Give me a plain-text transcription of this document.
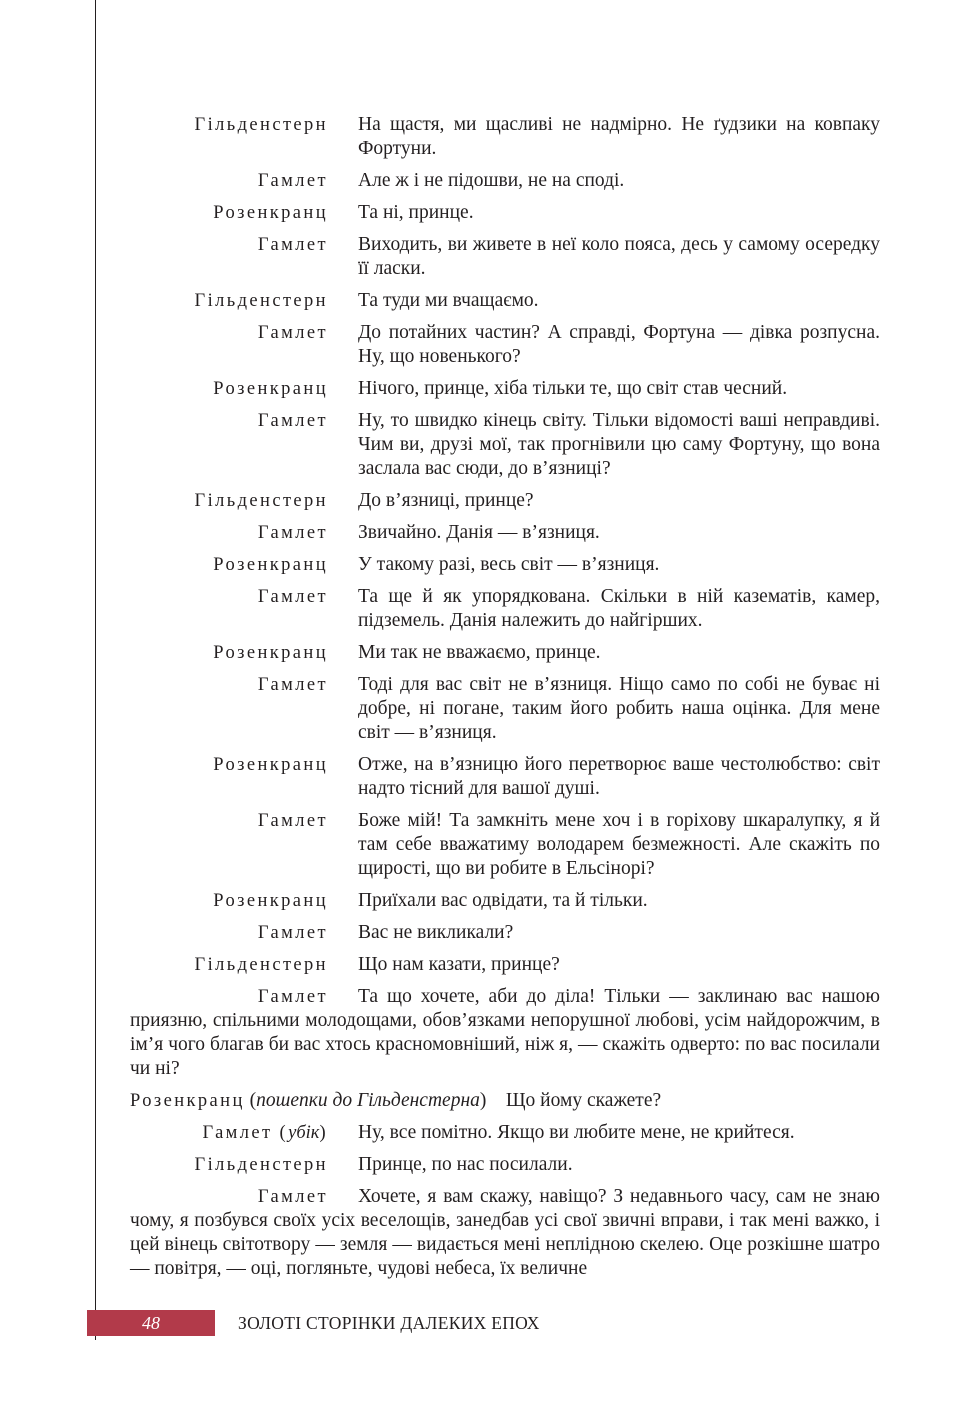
Гільденстерн На щастя, ми щасливі не надмірно. Не ґудзики на ковпаку Фортуни.
Гамлет Але ж і не підошви, не на споді.
Розенкранц Та ні, принце.
Гамлет Виходить, ви живете в неї коло пояса, десь у самому осередку її ласки.
Гільденстерн Та туди ми вчащаємо.
Гамлет До потайних частин? А справді, Фортуна — дівка розпусна. Ну, що новенького?
Розенкранц Нічого, принце, хіба тільки те, що світ став чесний.
Гамлет Ну, то швидко кінець світу. Тільки відомості ваші неправдиві. Чим ви, друзі мої, так прогнівили цю саму Фортуну, що вона заслала вас сюди, до в’язниці?
Гільденстерн До в’язниці, принце?
Гамлет Звичайно. Данія — в’язниця.
Розенкранц У такому разі, весь світ — в’язниця.
Гамлет Та ще й як упорядкована. Скільки в ній казематів, камер, підземель. Данія належить до найгірших.
Розенкранц Ми так не вважаємо, принце.
Гамлет Тоді для вас світ не в’язниця. Ніщо само по собі не буває ні добре, ні погане, таким його робить наша оцінка. Для мене світ — в’язниця.
Розенкранц Отже, на в’язницю його перетворює ваше честолюбство: світ надто тісний для вашої душі.
Гамлет Боже мій! Та замкніть мене хоч і в горіхову шкаралупку, я й там себе вважатиму володарем безмежності. Але скажіть по щирості, що ви робите в Ельсінорі?
Розенкранц Приїхали вас одвідати, та й тільки.
Гамлет Вас не викликали?
Гільденстерн Що нам казати, принце?
Гамлет Та що хочете, аби до діла! Тільки — заклинаю вас нашою приязню, спільними молодощами, обов’язками непорушної любові, усім найдорожчим, в ім’я чого благав би вас хтось красномовніший, ніж я, — скажіть одверто: по вас посилали чи ні?
Розенкранц (пошепки до Гільденстерна) Що йому скажете?
Гамлет (убік) Ну, все помітно. Якщо ви любите мене, не крийтеся.
Гільденстерн Принце, по нас посилали.
Гамлет Хочете, я вам скажу, навіщо? З недавнього часу, сам не знаю чому, я позбувся своїх усіх веселощів, занедбав усі свої звичні вправи, і так мені важко, і цей вінець світотвору — земля — видається мені неплідною скелею. Оце розкішне шатро — повітря, — оці, погляньте, чудові небеса, їх величне
48	ЗОЛОТІ СТОРІНКИ ДАЛЕКИХ ЕПОХ
